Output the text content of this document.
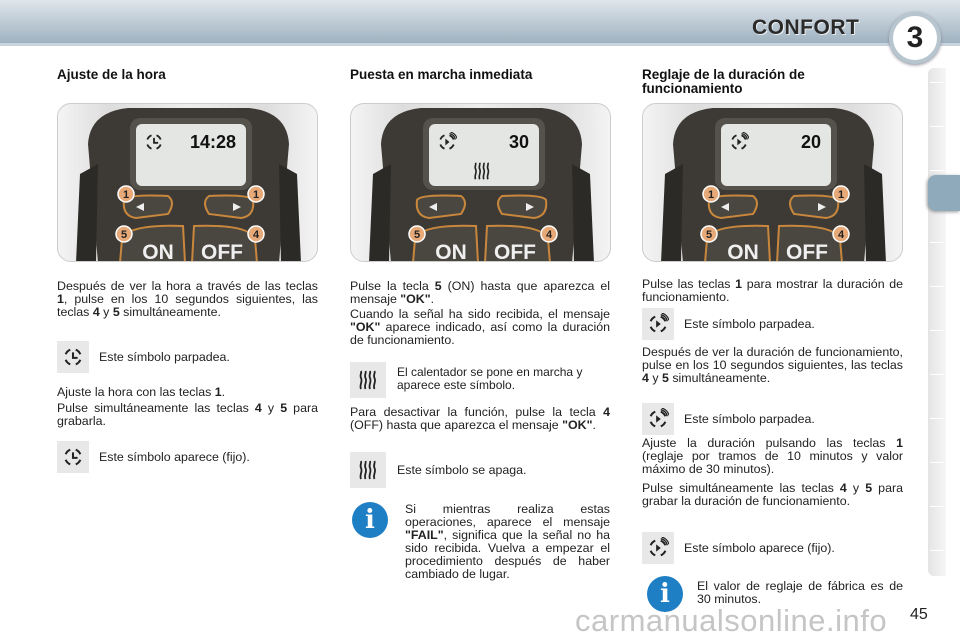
CONFORT	3
Ajuste de la hora
14:28
ON OFF
1	1
5	4
Después de ver la hora a través de las teclas 1, pulse en los 10 segundos siguientes, las teclas 4 y 5 simultáneamente.
Este símbolo parpadea.
Ajuste la hora con las teclas 1.
Pulse simultáneamente las teclas 4 y 5 para grabarla.
Este símbolo aparece (fijo).
Puesta en marcha inmediata
30
ON OFF
5	4
Pulse la tecla 5 (ON) hasta que aparezca el mensaje "OK".
Cuando la señal ha sido recibida, el mensaje "OK" aparece indicado, así como la duración de funcionamiento.
El calentador se pone en marcha y aparece este símbolo.
Para desactivar la función, pulse la tecla 4 (OFF) hasta que aparezca el mensaje "OK".
Este símbolo se apaga.
i	Si mientras realiza estas operaciones, aparece el mensaje "FAIL", significa que la señal no ha sido recibida. Vuelva a empezar el procedimiento después de haber cambiado de lugar.
Reglaje de la duración de funcionamiento
20
ON OFF
1	1
5	4
Pulse las teclas 1 para mostrar la duración de funcionamiento.
Este símbolo parpadea.
Después de ver la duración de funcionamiento, pulse en los 10 segundos siguientes, las teclas 4 y 5 simultáneamente.
Este símbolo parpadea.
Ajuste la duración pulsando las teclas 1 (reglaje por tramos de 10 minutos y valor máximo de 30 minutos).
Pulse simultáneamente las teclas 4 y 5 para grabar la duración de funcionamiento.
Este símbolo aparece (fijo).
i	El valor de reglaje de fábrica es de 30 minutos.
carmanualsonline.info 45
